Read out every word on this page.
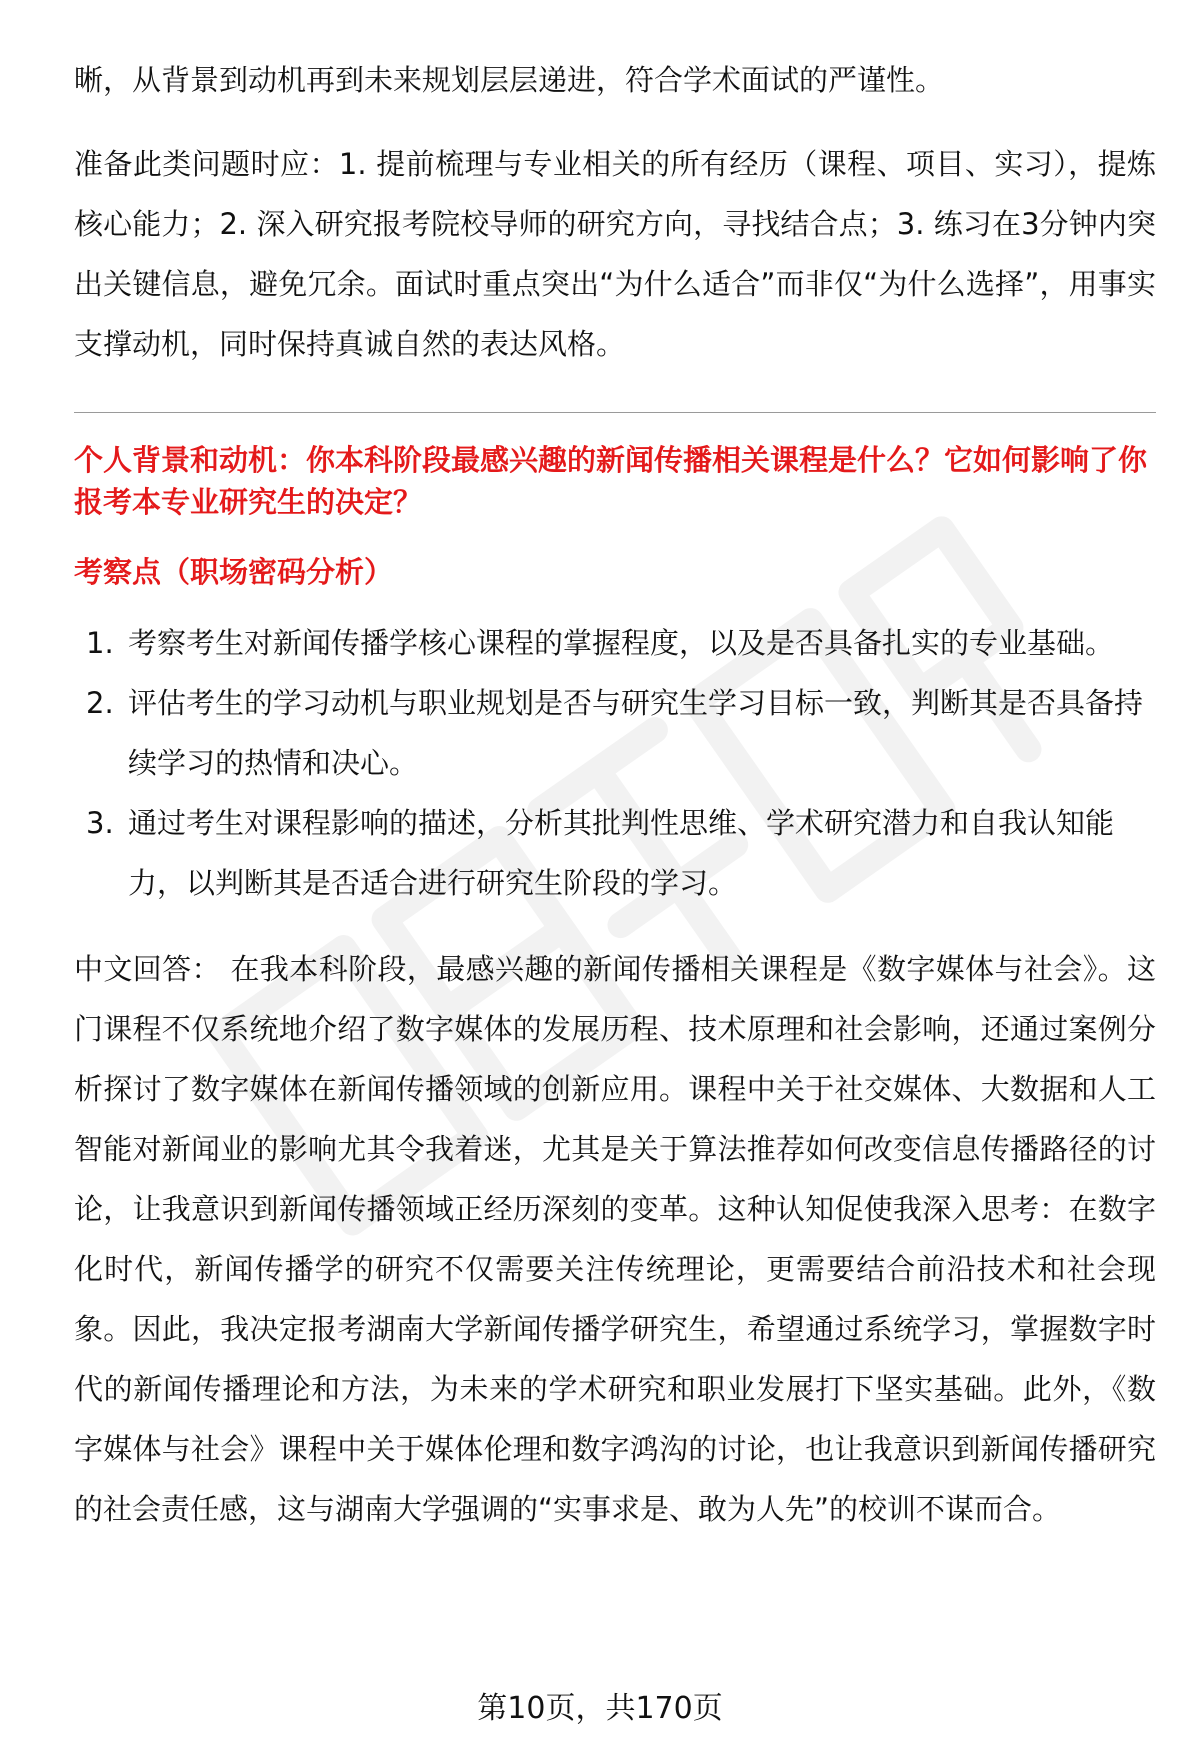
晰，从背景到动机再到未来规划层层递进，符合学术面试的严谨性。

准备此类问题时应：1. 提前梳理与专业相关的所有经历（课程、项目、实习），提炼核心能力；2. 深入研究报考院校导师的研究方向，寻找结合点；3. 练习在3分钟内突出关键信息，避免冗余。面试时重点突出“为什么适合”而非仅“为什么选择”，用事实支撑动机，同时保持真诚自然的表达风格。

个人背景和动机：你本科阶段最感兴趣的新闻传播相关课程是什么？它如何影响了你报考本专业研究生的决定？
考察点（职场密码分析）
1. 考察考生对新闻传播学核心课程的掌握程度，以及是否具备扎实的专业基础。
2. 评估考生的学习动机与职业规划是否与研究生学习目标一致，判断其是否具备持续学习的热情和决心。
3. 通过考生对课程影响的描述，分析其批判性思维、学术研究潜力和自我认知能力，以判断其是否适合进行研究生阶段的学习。

中文回答： 在我本科阶段，最感兴趣的新闻传播相关课程是《数字媒体与社会》。这门课程不仅系统地介绍了数字媒体的发展历程、技术原理和社会影响，还通过案例分析探讨了数字媒体在新闻传播领域的创新应用。课程中关于社交媒体、大数据和人工智能对新闻业的影响尤其令我着迷，尤其是关于算法推荐如何改变信息传播路径的讨论，让我意识到新闻传播领域正经历深刻的变革。这种认知促使我深入思考：在数字化时代，新闻传播学的研究不仅需要关注传统理论，更需要结合前沿技术和社会现象。因此，我决定报考湖南大学新闻传播学研究生，希望通过系统学习，掌握数字时代的新闻传播理论和方法，为未来的学术研究和职业发展打下坚实基础。此外，《数字媒体与社会》课程中关于媒体伦理和数字鸿沟的讨论，也让我意识到新闻传播研究的社会责任感，这与湖南大学强调的“实事求是、敢为人先”的校训不谋而合。

第10页，共170页
